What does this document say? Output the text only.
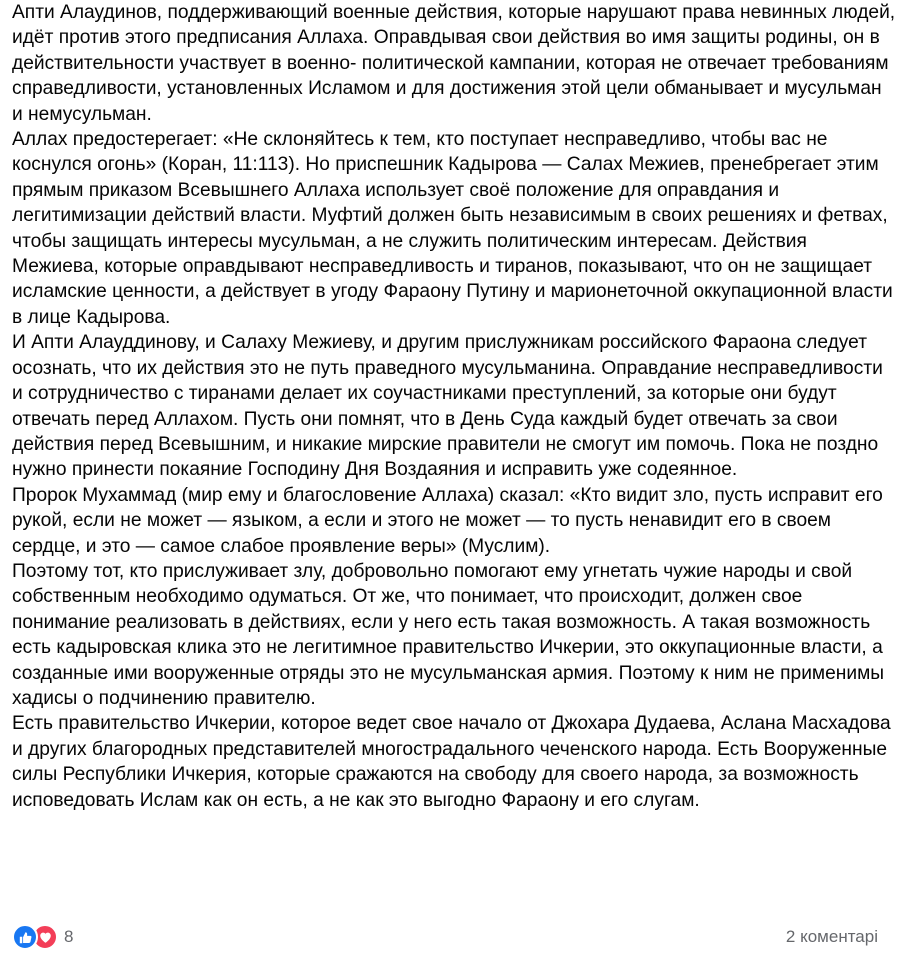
Апти Алаудинов, поддерживающий военные действия, которые нарушают права невинных людей, идёт против этого предписания Аллаха. Оправдывая свои действия во имя защиты родины, он в действительности участвует в военно- политической кампании, которая не отвечает требованиям справедливости, установленных Исламом и для достижения этой цели обманывает и мусульман и немусульман.

Аллах предостерегает: «Не склоняйтесь к тем, кто поступает несправедливо, чтобы вас не коснулся огонь» (Коран, 11:113). Но приспешник Кадырова — Салах Межиев, пренебрегает этим прямым приказом Всевышнего Аллаха использует своё положение для оправдания и легитимизации действий власти. Муфтий должен быть независимым в своих решениях и фетвах, чтобы защищать интересы мусульман, а не служить политическим интересам. Действия Межиева, которые оправдывают несправедливость и тиранов, показывают, что он не защищает исламские ценности, а действует в угоду Фараону Путину и марионеточной оккупационной власти в лице Кадырова.

И Апти Алауддинову, и Салаху Межиеву, и другим прислужникам российского Фараона следует осознать, что их действия это не путь праведного мусульманина. Оправдание несправедливости и сотрудничество с тиранами делает их соучастниками преступлений, за которые они будут отвечать перед Аллахом. Пусть они помнят, что в День Суда каждый будет отвечать за свои действия перед Всевышним, и никакие мирские правители не смогут им помочь. Пока не поздно нужно принести покаяние Господину Дня Воздаяния и исправить уже содеянное.

Пророк Мухаммад (мир ему и благословение Аллаха) сказал: «Кто видит зло, пусть исправит его рукой, если не может — языком, а если и этого не может — то пусть ненавидит его в своем сердце, и это — самое слабое проявление веры» (Муслим).

Поэтому тот, кто прислуживает злу, добровольно помогают ему угнетать чужие народы и свой собственным необходимо одуматься. От же, что понимает, что происходит, должен свое понимание реализовать в действиях, если у него есть такая возможность. А такая возможность есть кадыровская клика это не легитимное правительство Ичкерии, это оккупационные власти, а созданные ими вооруженные отряды это не мусульманская армия. Поэтому к ним не применимы хадисы о подчинению правителю.

Есть правительство Ичкерии, которое ведет свое начало от Джохара Дудаева, Аслана Масхадова и других благородных представителей многострадального чеченского народа. Есть Вооруженные силы Республики Ичкерия, которые сражаются на свободу для своего народа, за возможность исповедовать Ислам как он есть, а не как это выгодно Фараону и его слугам.

8	2 коментарі
